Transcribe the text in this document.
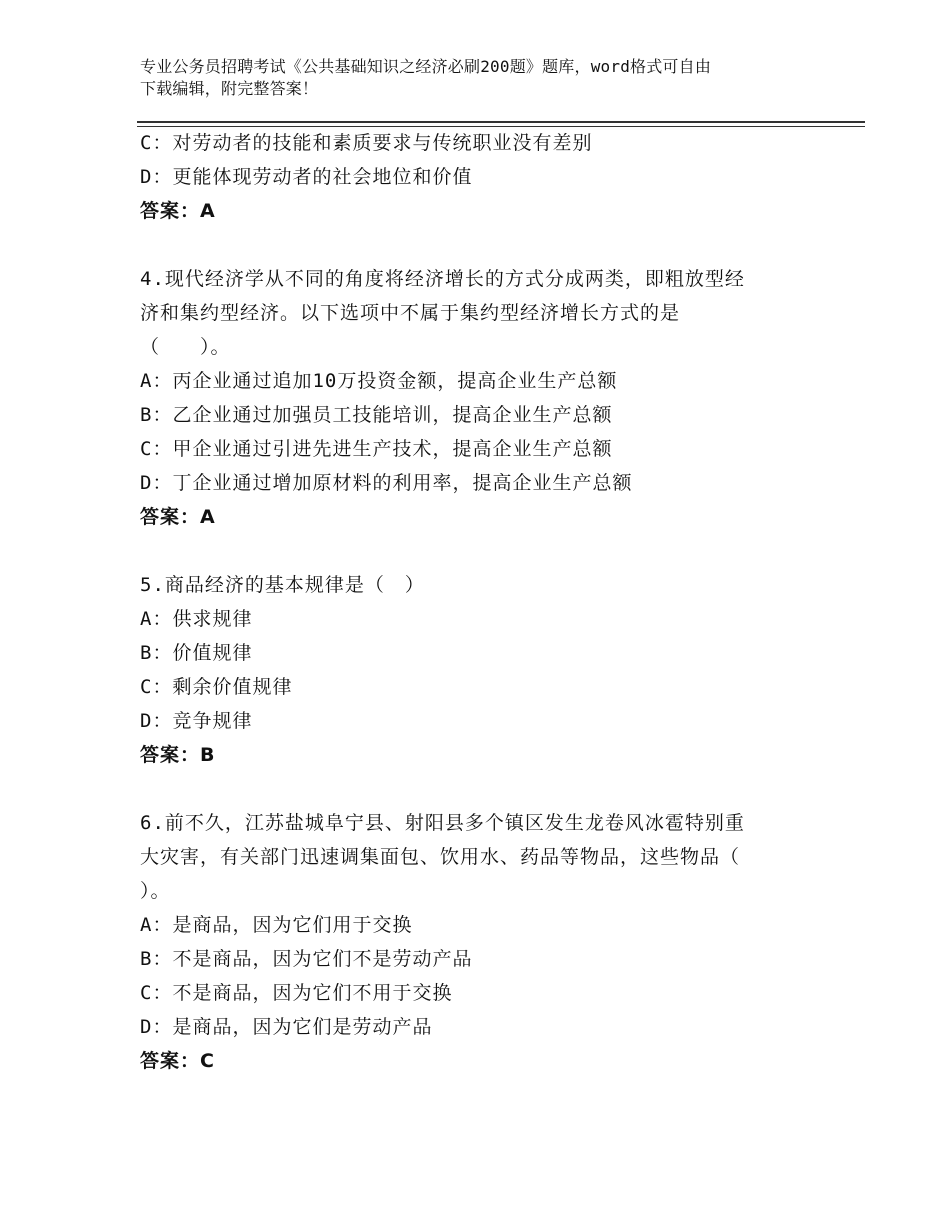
专业公务员招聘考试《公共基础知识之经济必刷200题》题库，word格式可自由
下载编辑，附完整答案！
C：对劳动者的技能和素质要求与传统职业没有差别
D：更能体现劳动者的社会地位和价值
答案：A
4.现代经济学从不同的角度将经济增长的方式分成两类，即粗放型经
济和集约型经济。以下选项中不属于集约型经济增长方式的是
（　　）。
A：丙企业通过追加10万投资金额，提高企业生产总额
B：乙企业通过加强员工技能培训，提高企业生产总额
C：甲企业通过引进先进生产技术，提高企业生产总额
D：丁企业通过增加原材料的利用率，提高企业生产总额
答案：A
5.商品经济的基本规律是（　）
A：供求规律
B：价值规律
C：剩余价值规律
D：竞争规律
答案：B
6.前不久，江苏盐城阜宁县、射阳县多个镇区发生龙卷风冰雹特别重
大灾害，有关部门迅速调集面包、饮用水、药品等物品，这些物品（
）。
A：是商品，因为它们用于交换
B：不是商品，因为它们不是劳动产品
C：不是商品，因为它们不用于交换
D：是商品，因为它们是劳动产品
答案：C
